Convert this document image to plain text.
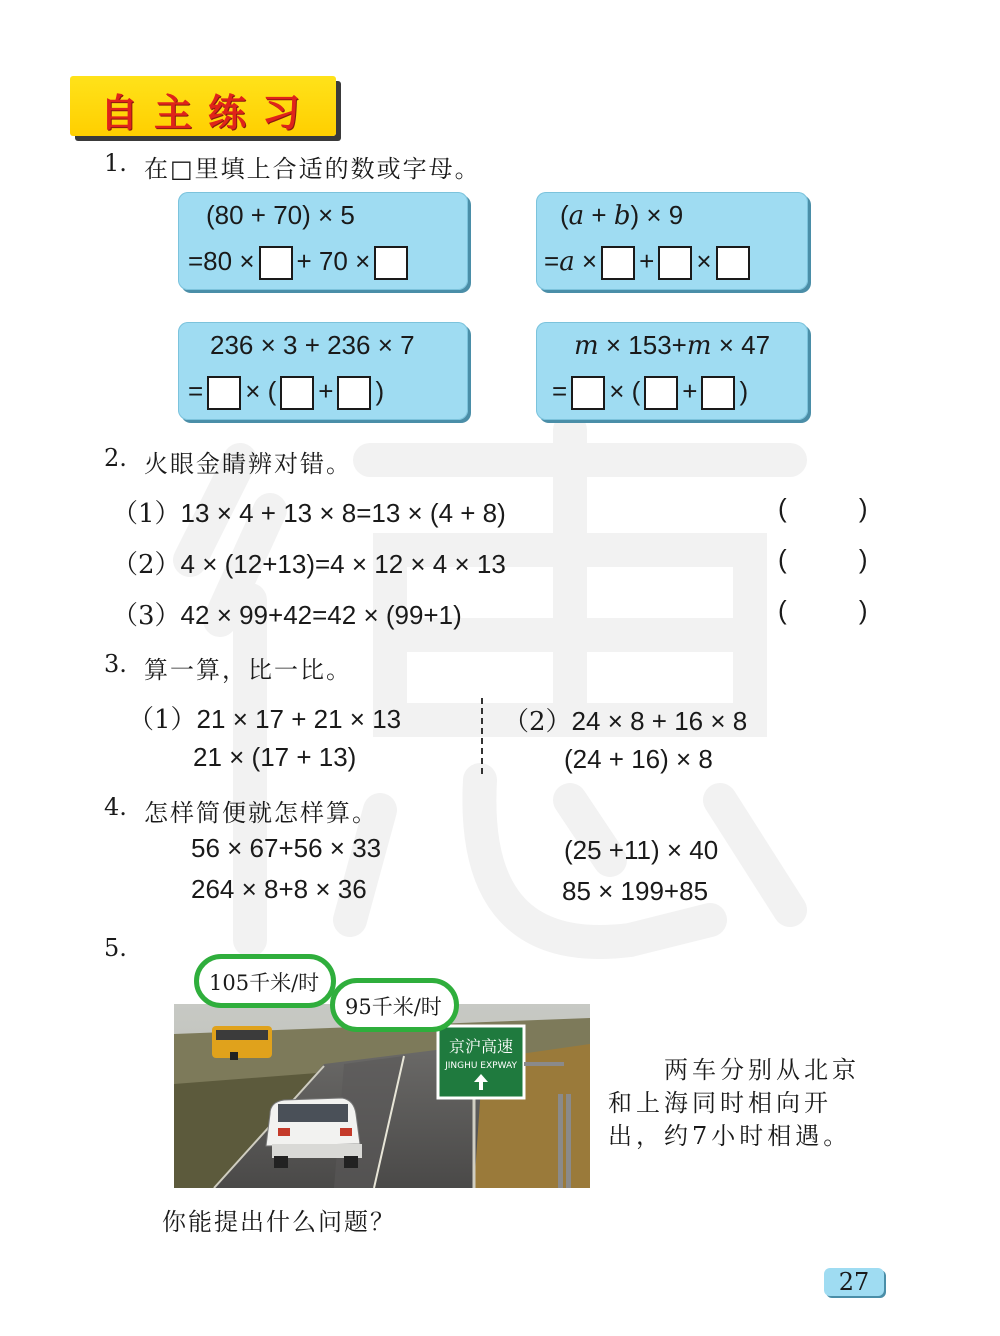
自主练习
1. 在□里填上合适的数或字母。
(80 + 70) × 5
=80 × + 70 ×
(a + b) × 9
=a × + ×
236 × 3 + 236 × 7
= × ( + )
m × 153+m × 47
= × ( + )
2. 火眼金睛辨对错。
（1）13 × 4 + 13 × 8=13 × (4 + 8)	(          )
（2）4 × (12+13)=4 × 12 × 4 × 13	(          )
（3）42 × 99+42=42 × (99+1)	(          )
3. 算一算，比一比。
（1）21 × 17 + 21 × 13
21 × (17 + 13)
（2）24 × 8 + 16 × 8
(24 + 16) × 8
4. 怎样简便就怎样算。
56 × 67+56 × 33	(25 +11) × 40
264 × 8+8 × 36	85 × 199+85
5.
京沪高速
JINGHU EXPWAY
105千米/时
95千米/时
两车分别从北京
和上海同时相向开
出，约7小时相遇。
你能提出什么问题？
27
